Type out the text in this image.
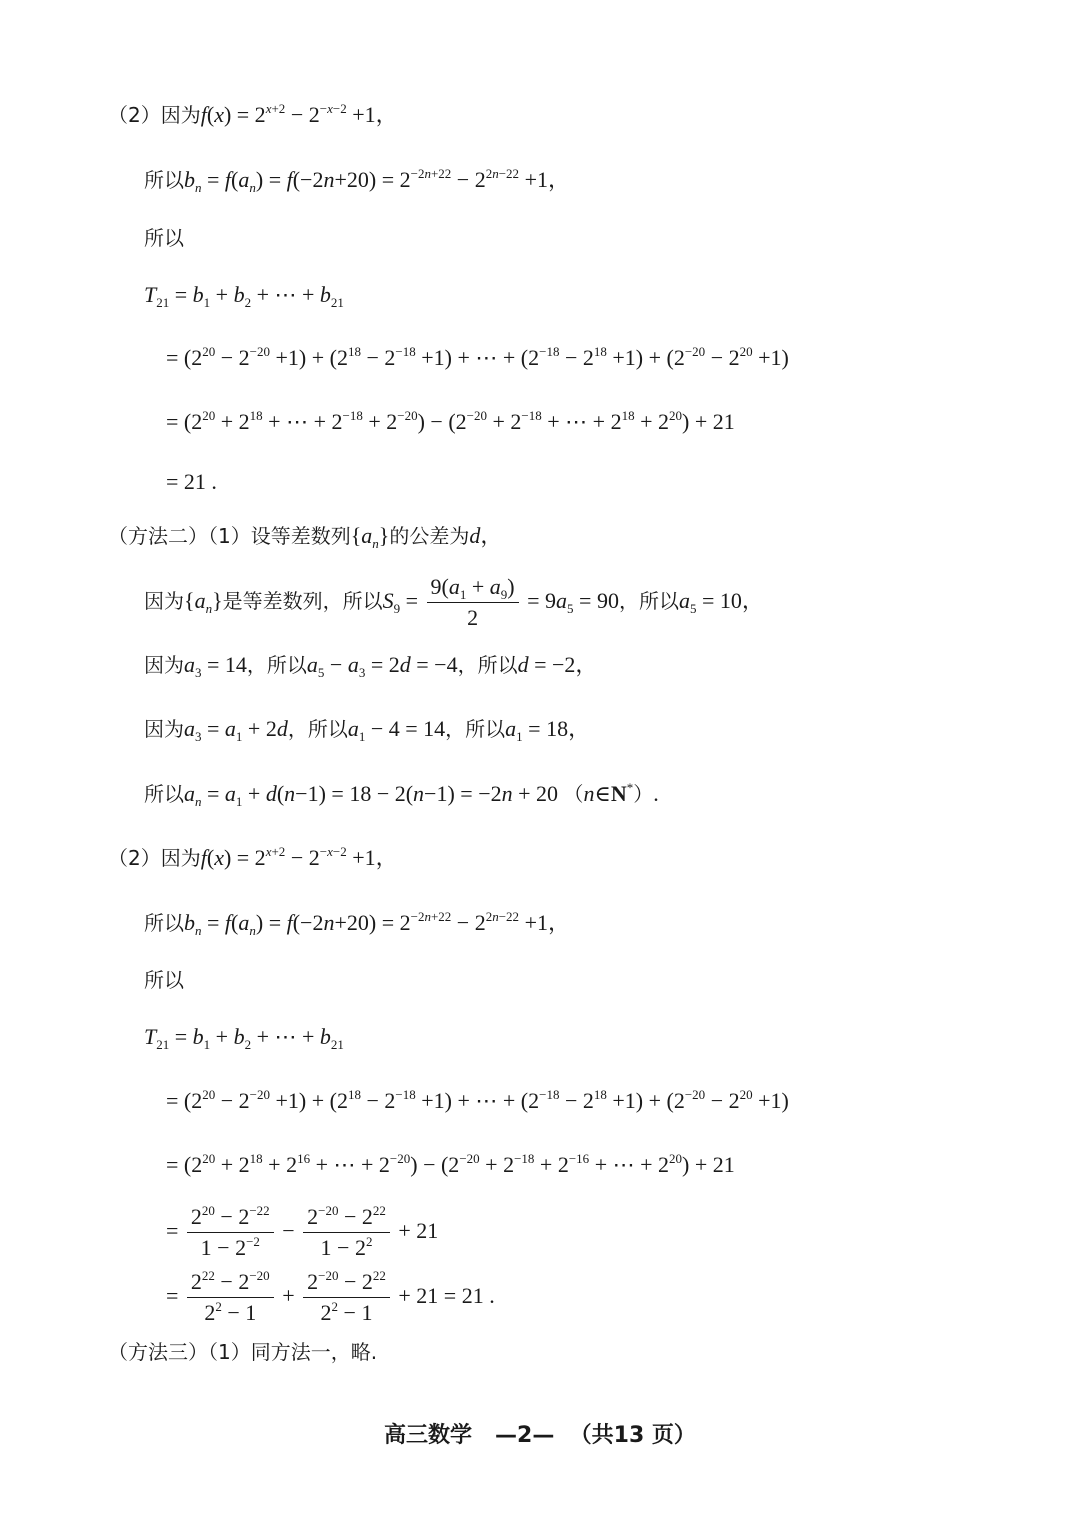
（2）因为$f(x) = 2^{x+2} - 2^{-x-2} +1$，
所以$b_n = f(a_n) = f(-2n+20) = 2^{-2n+22} - 2^{2n-22} +1$，
所以
$T_{21} = b_1 + b_2$ + ⋯ + $b_{21}$
= $(2^{20} - 2^{-20} +1) + (2^{18} - 2^{-18} +1)$ + ⋯ + $(2^{-18} - 2^{18} +1) + (2^{-20} - 2^{20} +1)$
= ($2^{20} + 2^{18}$ + ⋯ + $2^{-18} + 2^{-20}) - (2^{-20} + 2^{-18}$ + ⋯ + $2^{18} + 2^{20}) + 21$
= 21 .
（方法二）（1）设等差数列$\{a_n\}$的公差为d，
因为$\{a_n\}$是等差数列，所以$S_9 = \frac{9(a_1 + a_9)}{2} = 9a_5 = 90$，所以$a_5 = 10$，
因为$a_3 = 14$，所以$a_5 - a_3 = 2d = -4$，所以d = −2，
因为$a_3 = a_1 + 2d$，所以$a_1 - 4 = 14$，所以$a_1 = 18$，
所以$a_n = a_1 + d(n-1) = 18 - 2(n-1) = -2n + 20$ （n∈N*）.
（2）因为$f(x) = 2^{x+2} - 2^{-x-2} +1$，
所以$b_n = f(a_n) = f(-2n+20) = 2^{-2n+22} - 2^{2n-22} +1$，
所以
$T_{21} = b_1 + b_2$ + ⋯ + $b_{21}$
= $(2^{20} - 2^{-20} +1) + (2^{18} - 2^{-18} +1)$ + ⋯ + $(2^{-18} - 2^{18} +1) + (2^{-20} - 2^{20} +1)$
= ($2^{20} + 2^{18} + 2^{16}$ + ⋯ + $2^{-20}) - (2^{-20} + 2^{-18} + 2^{-16}$ + ⋯ + $2^{20}) + 21$
= $\frac{2^{20} - 2^{-22}}{1 - 2^{-2}} - \frac{2^{-20} - 2^{22}}{1 - 2^2} + 21$
= $\frac{2^{22} - 2^{-20}}{2^2 - 1} + \frac{2^{-20} - 2^{22}}{2^2 - 1} + 21 = 21$ .
（方法三）（1）同方法一，略.
高三数学   —2—  （共13 页）
